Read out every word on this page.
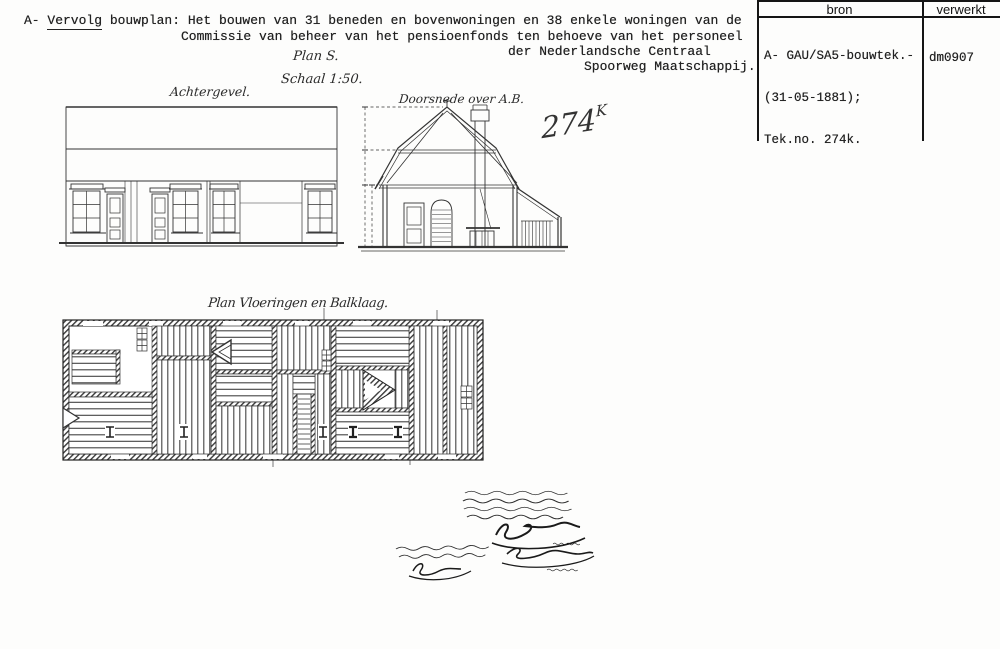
A- Vervolg bouwplan: Het bouwen van 31 beneden en bovenwoningen en 38 enkele woningen van de
Commissie van beheer van het pensioenfonds ten behoeve van het personeel
der Nederlandsche Centraal
Spoorweg Maatschappij.
Plan S.
Schaal 1:50.
Achtergevel.	Doorsnede over A.B.
$274^K$
Plan Vloeringen en Balklaag.
bron	verwerkt

A- GAU/SA5-bouwtek.-

(31-05-1881);

Tek.no. 274k.

dm0907
